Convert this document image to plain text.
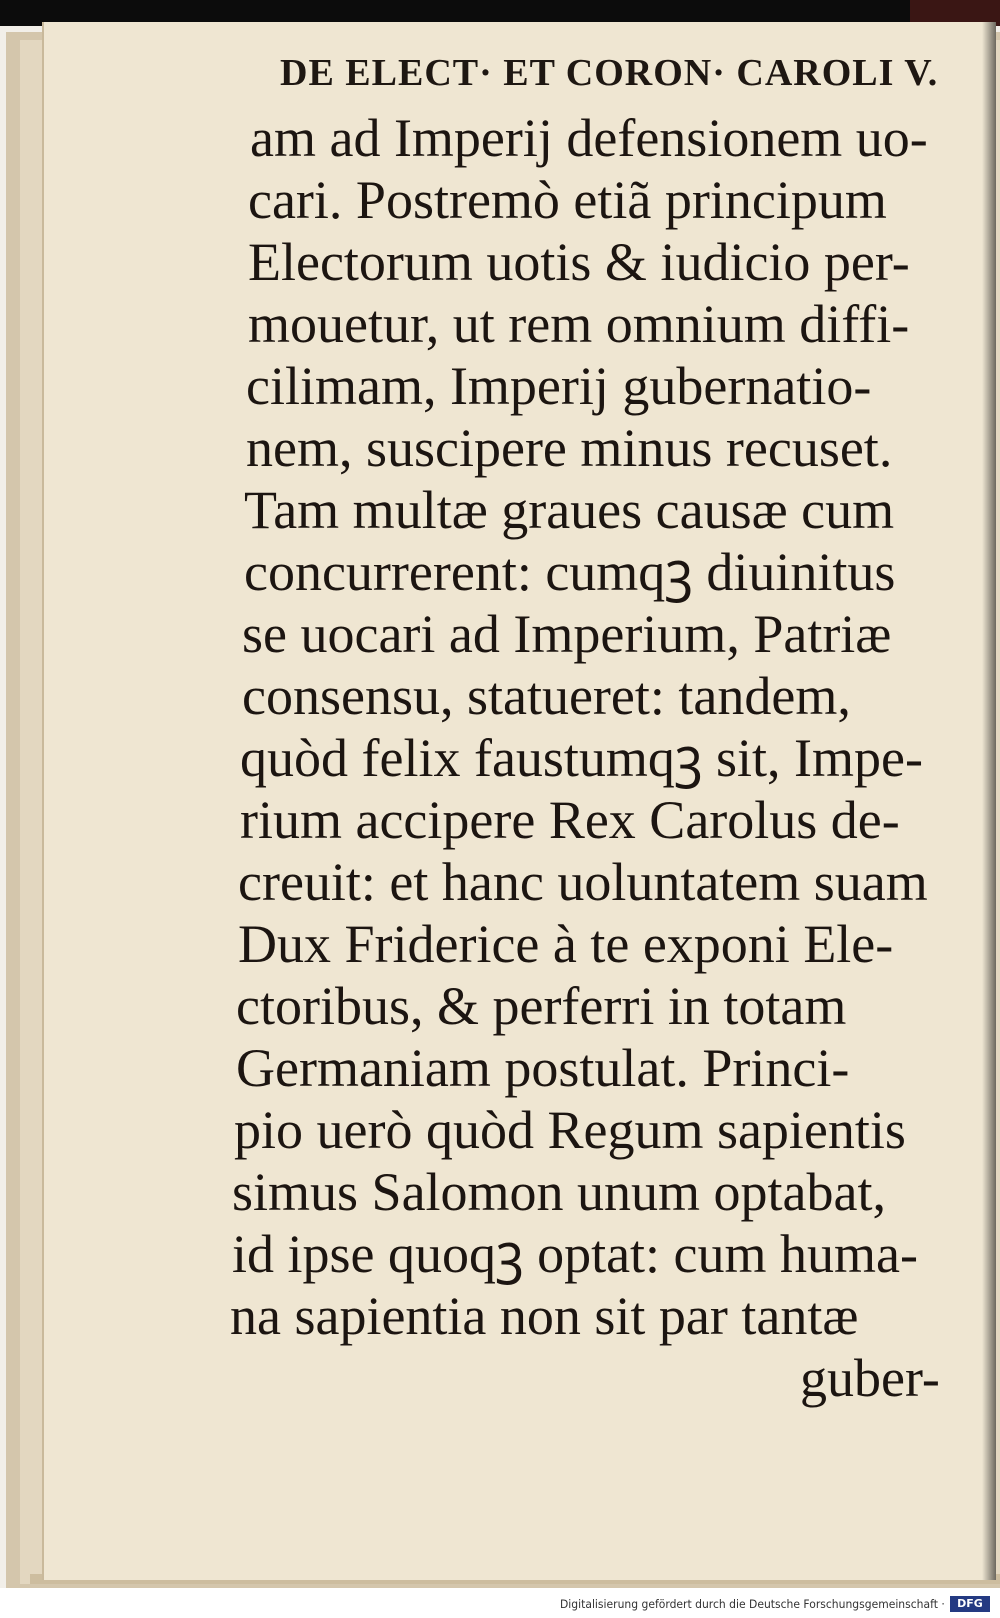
DE ELECT· ET CORON· CAROLI V.
am ad Imperij defensionem uo-
cari. Postremò etiã principum
Electorum uotis & iudicio per-
mouetur, ut rem omnium diffi-
cilimam, Imperij gubernatio-
nem, suscipere minus recuset.
Tam multæ graues causæ cum
concurrerent: cumqꝫ diuinitus
se uocari ad Imperium, Patriæ
consensu, statueret: tandem,
quòd felix faustumqꝫ sit, Impe-
rium accipere Rex Carolus de-
creuit: et hanc uoluntatem suam
Dux Friderice à te exponi Ele-
ctoribus, & perferri in totam
Germaniam postulat. Princi-
pio uerò quòd Regum sapientis
simus Salomon unum optabat,
id ipse quoqꝫ optat: cum huma-
na sapientia non sit par tantæ
guber-
Digitalisierung gefördert durch die Deutsche Forschungsgemeinschaft ·	DFG
